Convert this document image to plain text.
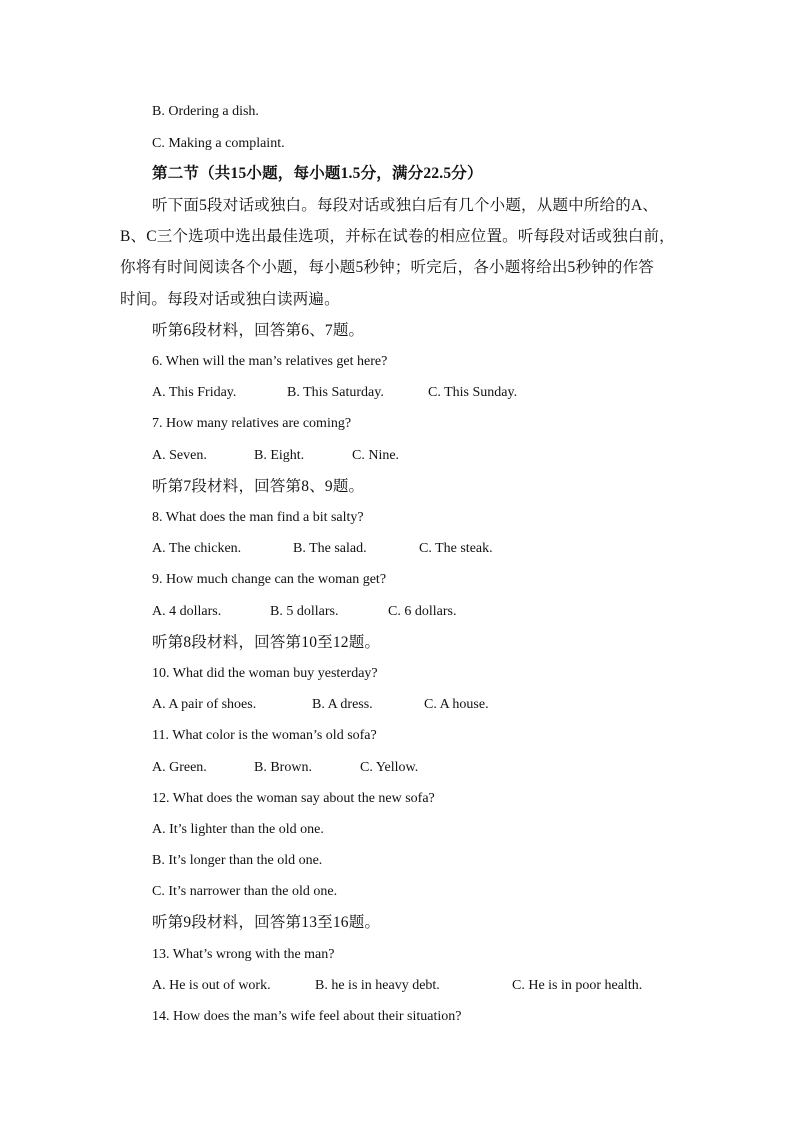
B. Ordering a dish.
C. Making a complaint.
第二节（共15小题，每小题1.5分，满分22.5分）
听下面5段对话或独白。每段对话或独白后有几个小题，从题中所给的A、
B、C三个选项中选出最佳选项，并标在试卷的相应位置。听每段对话或独白前，
你将有时间阅读各个小题，每小题5秒钟；听完后，各小题将给出5秒钟的作答
时间。每段对话或独白读两遍。
听第6段材料，回答第6、7题。
6. When will the man’s relatives get here?
A. This Friday.	B. This Saturday.	C. This Sunday.
7. How many relatives are coming?
A. Seven.	B. Eight.	C. Nine.
听第7段材料，回答第8、9题。
8. What does the man find a bit salty?
A. The chicken.	B. The salad.	C. The steak.
9. How much change can the woman get?
A. 4 dollars.	B. 5 dollars.	C. 6 dollars.
听第8段材料，回答第10至12题。
10. What did the woman buy yesterday?
A. A pair of shoes.	B. A dress.	C. A house.
11. What color is the woman’s old sofa?
A. Green.	B. Brown.	C. Yellow.
12. What does the woman say about the new sofa?
A. It’s lighter than the old one.
B. It’s longer than the old one.
C. It’s narrower than the old one.
听第9段材料，回答第13至16题。
13. What’s wrong with the man?
A. He is out of work.	B. he is in heavy debt.	C. He is in poor health.
14. How does the man’s wife feel about their situation?
